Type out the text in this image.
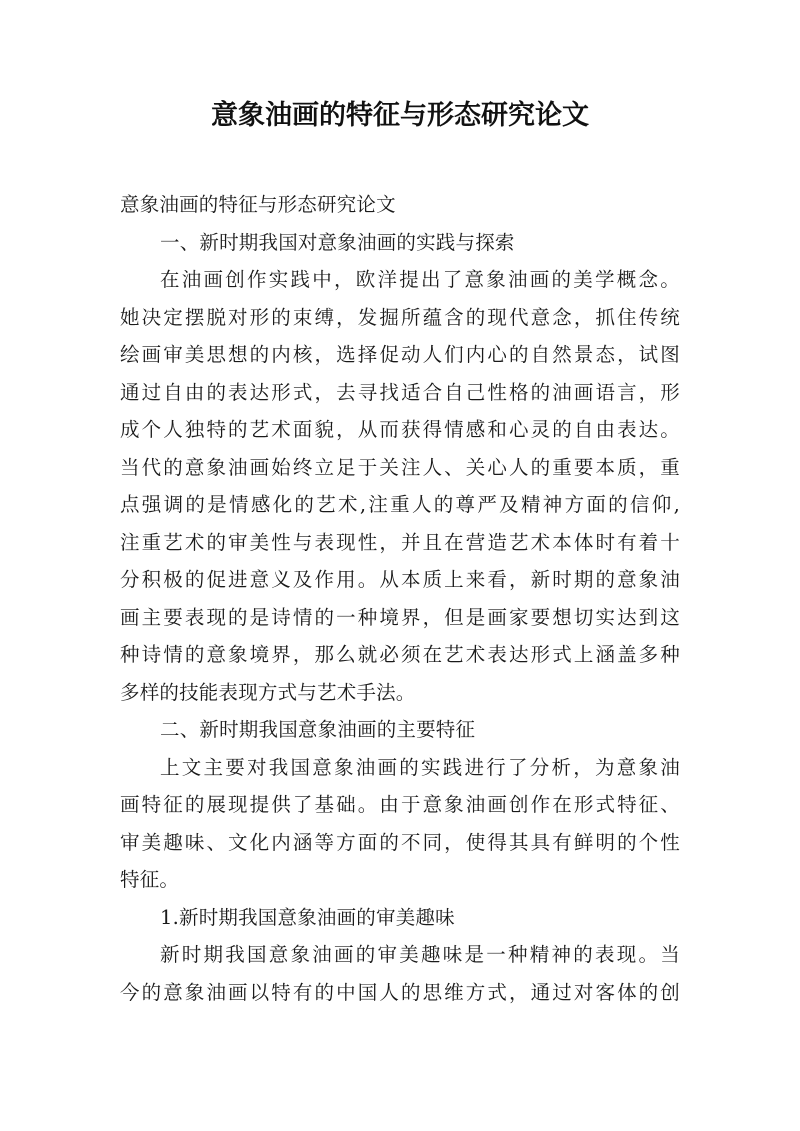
意象油画的特征与形态研究论文
意象油画的特征与形态研究论文
一、新时期我国对意象油画的实践与探索
在油画创作实践中，欧洋提出了意象油画的美学概念。
她决定摆脱对形的束缚，发掘所蕴含的现代意念，抓住传统
绘画审美思想的内核，选择促动人们内心的自然景态，试图
通过自由的表达形式，去寻找适合自己性格的油画语言，形
成个人独特的艺术面貌，从而获得情感和心灵的自由表达。
当代的意象油画始终立足于关注人、关心人的重要本质，重
点强调的是情感化的艺术,注重人的尊严及精神方面的信仰,
注重艺术的审美性与表现性，并且在营造艺术本体时有着十
分积极的促进意义及作用。从本质上来看，新时期的意象油
画主要表现的是诗情的一种境界，但是画家要想切实达到这
种诗情的意象境界，那么就必须在艺术表达形式上涵盖多种
多样的技能表现方式与艺术手法。
二、新时期我国意象油画的主要特征
上文主要对我国意象油画的实践进行了分析，为意象油
画特征的展现提供了基础。由于意象油画创作在形式特征、
审美趣味、文化内涵等方面的不同，使得其具有鲜明的个性
特征。
1.新时期我国意象油画的审美趣味
新时期我国意象油画的审美趣味是一种精神的表现。当
今的意象油画以特有的中国人的思维方式，通过对客体的创
